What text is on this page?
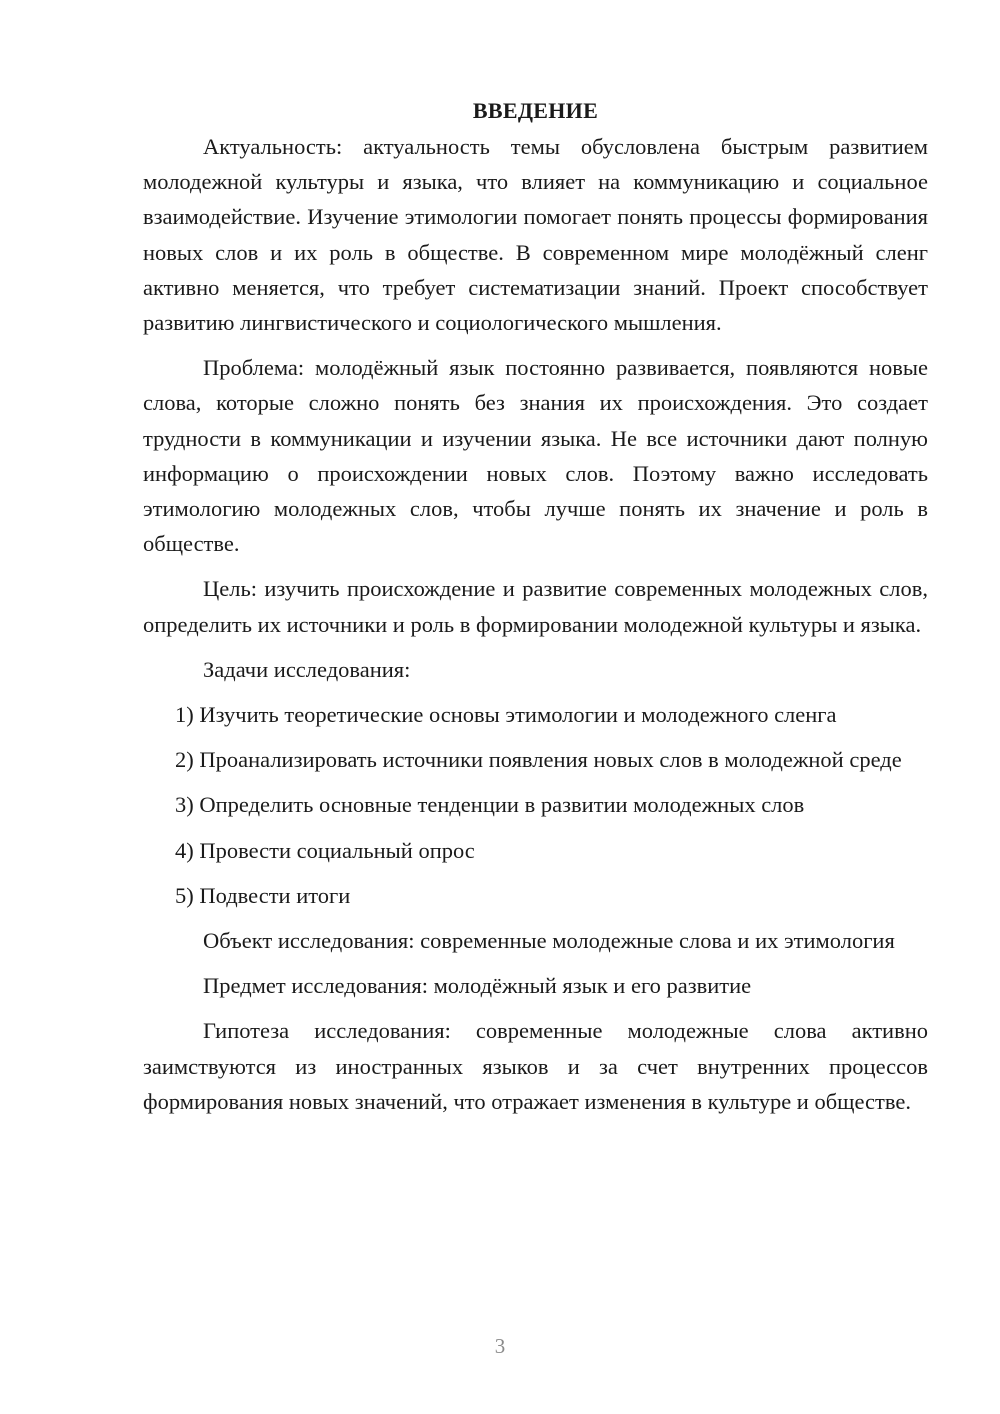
ВВЕДЕНИЕ

Актуальность: актуальность темы обусловлена быстрым развитием молодежной культуры и языка, что влияет на коммуникацию и социальное взаимодействие. Изучение этимологии помогает понять процессы формирования новых слов и их роль в обществе. В современном мире молодёжный сленг активно меняется, что требует систематизации знаний. Проект способствует развитию лингвистического и социологического мышления.

Проблема: молодёжный язык постоянно развивается, появляются новые слова, которые сложно понять без знания их происхождения. Это создает трудности в коммуникации и изучении языка. Не все источники дают полную информацию о происхождении новых слов. Поэтому важно исследовать этимологию молодежных слов, чтобы лучше понять их значение и роль в обществе.

Цель: изучить происхождение и развитие современных молодежных слов, определить их источники и роль в формировании молодежной культуры и языка.

Задачи исследования:

1) Изучить теоретические основы этимологии и молодежного сленга

2) Проанализировать источники появления новых слов в молодежной среде

3) Определить основные тенденции в развитии молодежных слов

4) Провести социальный опрос

5) Подвести итоги

Объект исследования: современные молодежные слова и их этимология

Предмет исследования: молодёжный язык и его развитие

Гипотеза исследования: современные молодежные слова активно заимствуются из иностранных языков и за счет внутренних процессов формирования новых значений, что отражает изменения в культуре и обществе.

3
